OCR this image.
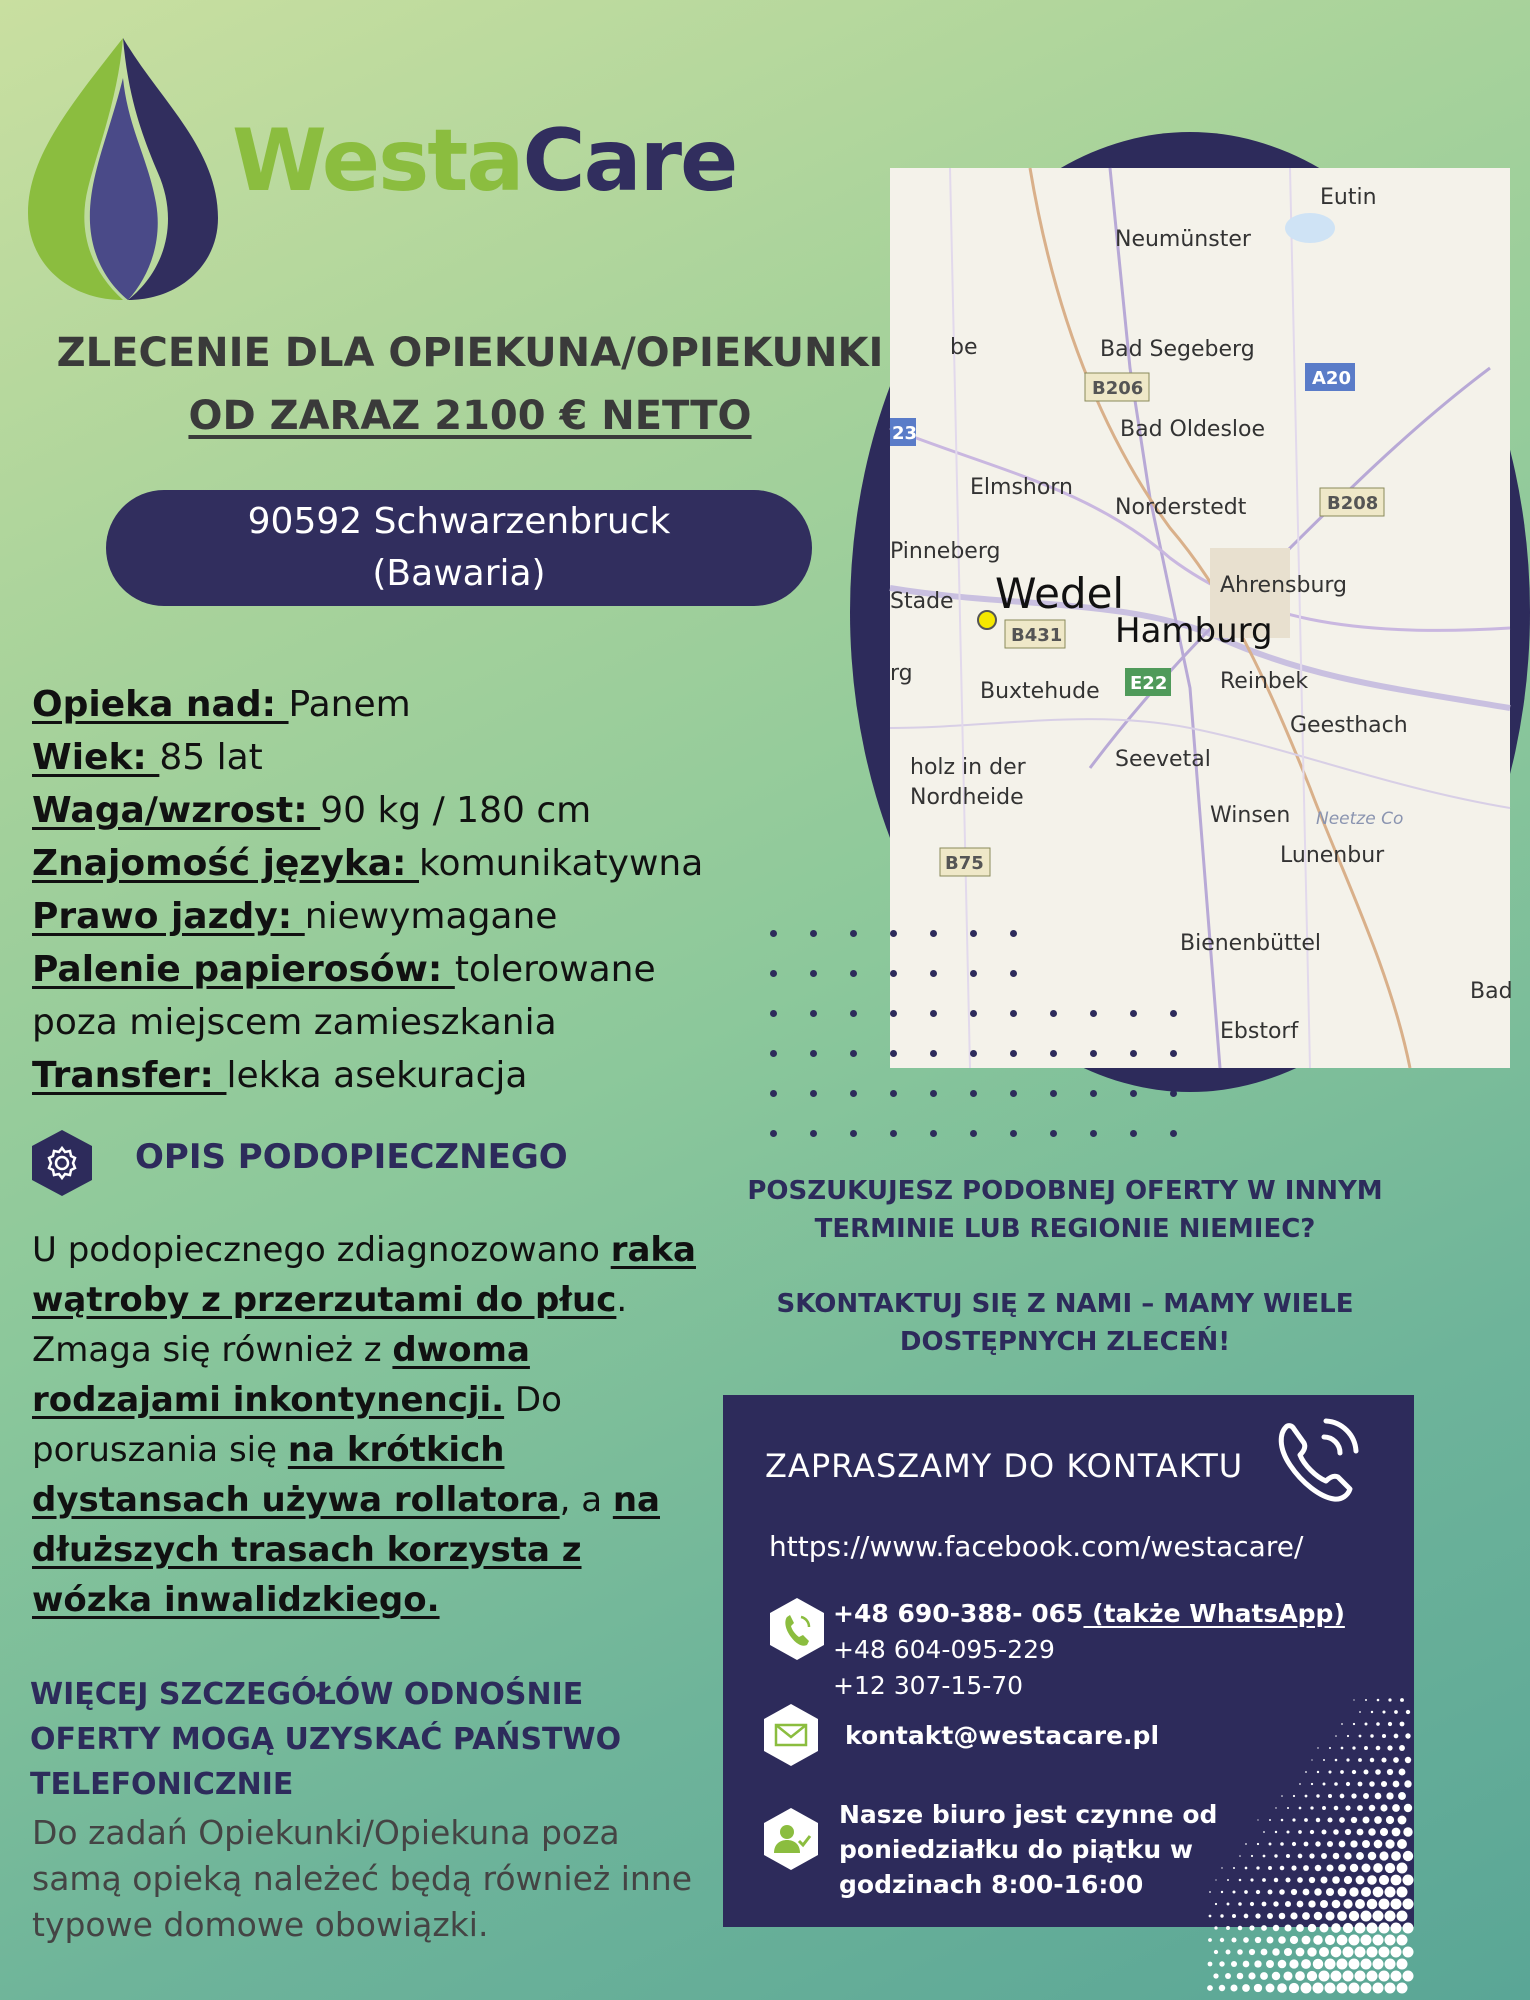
WestaCare
ZLECENIE DLA OPIEKUNA/OPIEKUNKI
OD ZARAZ 2100 € NETTO
90592 Schwarzenbruck
(Bawaria)
Eutin
Neumünster
Bad Segeberg
Bad Oldesloe
Elmshorn
Norderstedt
Pinneberg
Ahrensburg
Stade
Reinbek
Geesthach
Buxtehude
Seevetal
holz in der
Nordheide
Winsen
Lunenbur
Bienenbüttel
Bad
Ebstorf
be
rg
Neetze Co
Wedel
Hamburg
B206	A20
B208
B431
E22
B75
23

Opieka nad: Panem

Wiek: 85 lat

Waga/wzrost: 90 kg / 180 cm

Znajomość języka: komunikatywna

Prawo jazdy: niewymagane

Palenie papierosów: tolerowane poza miejscem zamieszkania

Transfer: lekka asekuracja

OPIS PODOPIECZNEGO
U podopiecznego zdiagnozowano raka wątroby z przerzutami do płuc. Zmaga się również z dwoma rodzajami inkontynencji. Do poruszania się na krótkich dystansach używa rollatora, a na dłuższych trasach korzysta z wózka inwalidzkiego.
WIĘCEJ SZCZEGÓŁÓW ODNOŚNIE OFERTY MOGĄ UZYSKAĆ PAŃSTWO TELEFONICZNIE
Do zadań Opiekunki/Opiekuna poza samą opieką należeć będą również inne typowe domowe obowiązki.
POSZUKUJESZ PODOBNEJ OFERTY W INNYM TERMINIE LUB REGIONIE NIEMIEC?
SKONTAKTUJ SIĘ Z NAMI – MAMY WIELE DOSTĘPNYCH ZLECEŃ!
ZAPRASZAMY DO KONTAKTU
https://www.facebook.com/westacare/
+48 690-388- 065 (także WhatsApp)
+48 604-095-229
+12 307-15-70
kontakt@westacare.pl
Nasze biuro jest czynne od poniedziałku do piątku w godzinach 8:00-16:00
